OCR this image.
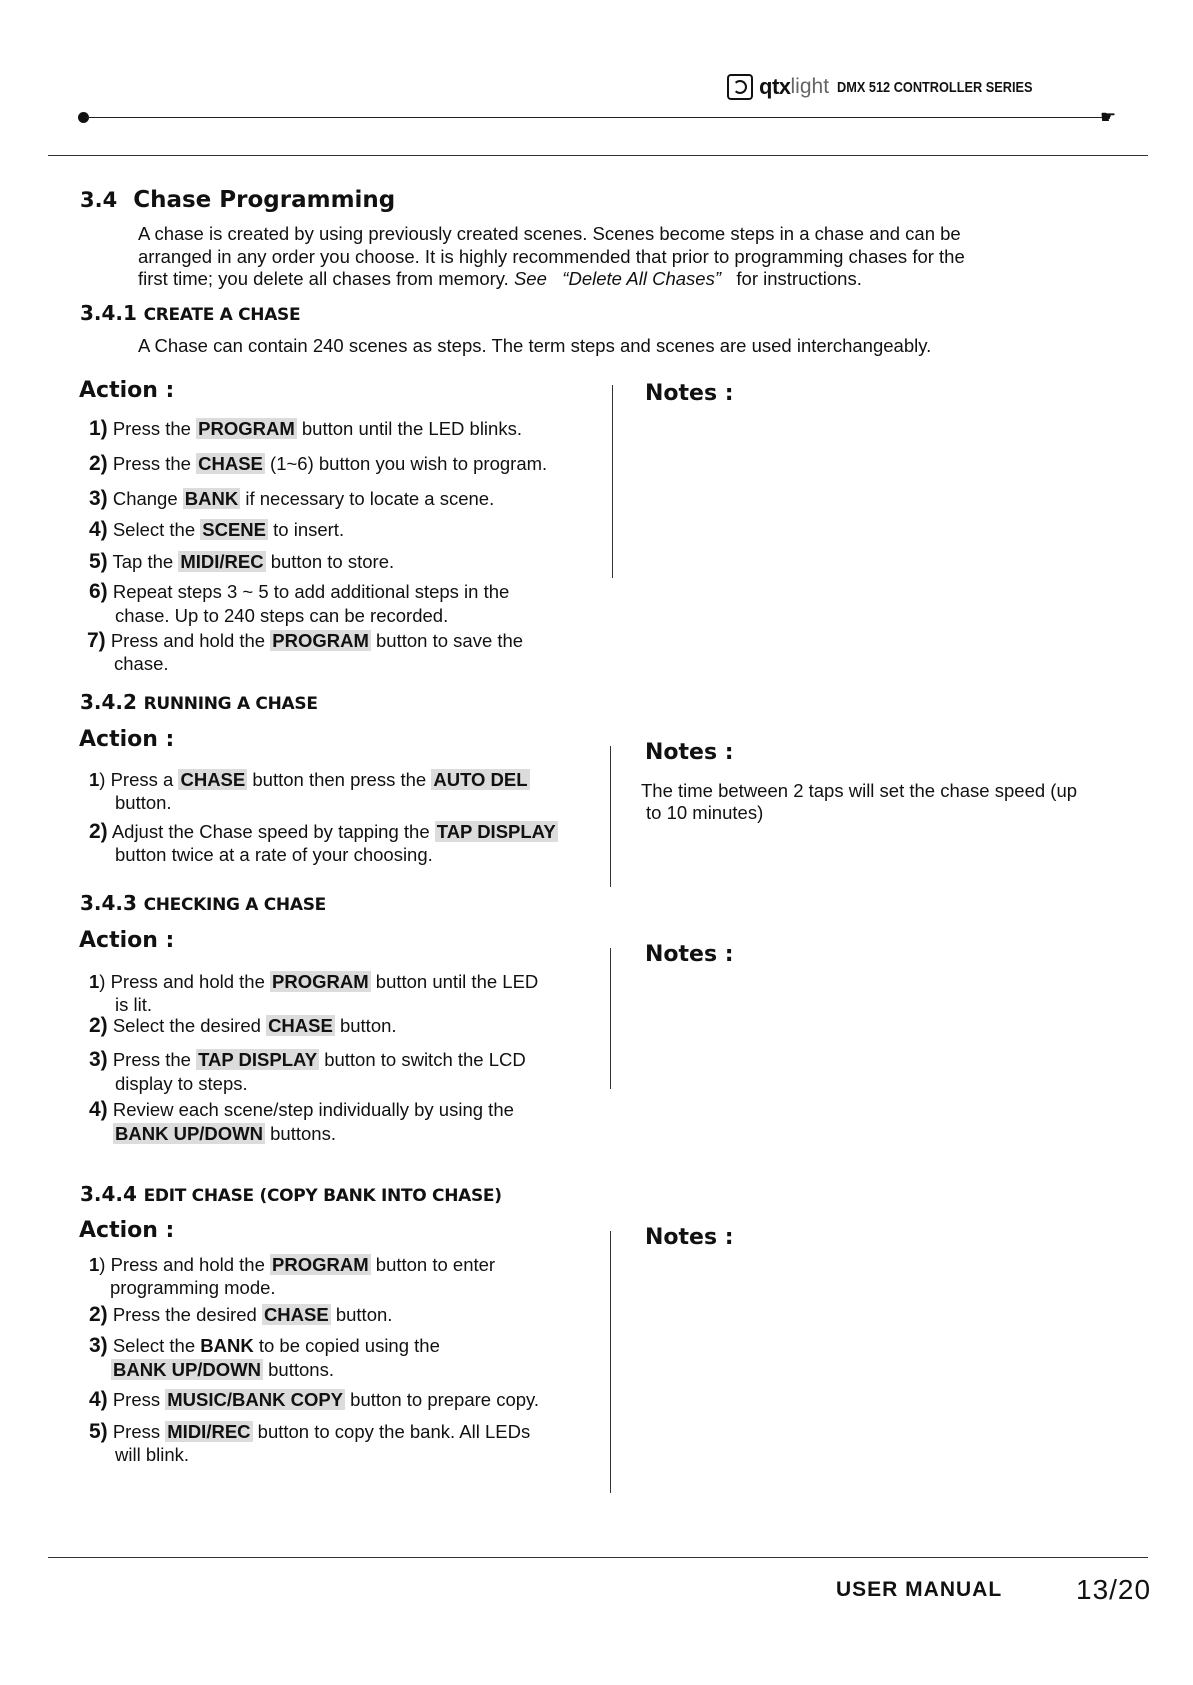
qtx light DMX 512 CONTROLLER SERIES
☛
3.4 Chase Programming
A chase is created by using previously created scenes. Scenes become steps in a chase and can be
arranged in any order you choose. It is highly recommended that prior to programming chases for the
first time; you delete all chases from memory. See “Delete All Chases” for instructions.
3.4.1 CREATE A CHASE
A Chase can contain 240 scenes as steps. The term steps and scenes are used interchangeably.
Action :	Notes :
1) Press the PROGRAM button until the LED blinks.
2) Press the CHASE (1~6) button you wish to program.
3) Change BANK if necessary to locate a scene.
4) Select the SCENE to insert.
5) Tap the MIDI/REC button to store.
6) Repeat steps 3 ~ 5 to add additional steps in the
chase. Up to 240 steps can be recorded.
7) Press and hold the PROGRAM button to save the
chase.
3.4.2 RUNNING A CHASE
Action :
Notes :
1) Press a CHASE button then press the AUTO DEL
button.
2) Adjust the Chase speed by tapping the TAP DISPLAY
button twice at a rate of your choosing.
The time between 2 taps will set the chase speed (up
to 10 minutes)
3.4.3 CHECKING A CHASE
Action :
Notes :
1) Press and hold the PROGRAM button until the LED
is lit.
2) Select the desired CHASE button.
3) Press the TAP DISPLAY button to switch the LCD
display to steps.
4) Review each scene/step individually by using the
BANK UP/DOWN buttons.
3.4.4 EDIT CHASE (COPY BANK INTO CHASE)
Action :	Notes :
1) Press and hold the PROGRAM button to enter
programming mode.
2) Press the desired CHASE button.
3) Select the BANK to be copied using the
BANK UP/DOWN buttons.
4) Press MUSIC/BANK COPY button to prepare copy.
5) Press MIDI/REC button to copy the bank. All LEDs
will blink.
USER MANUAL	13/20
